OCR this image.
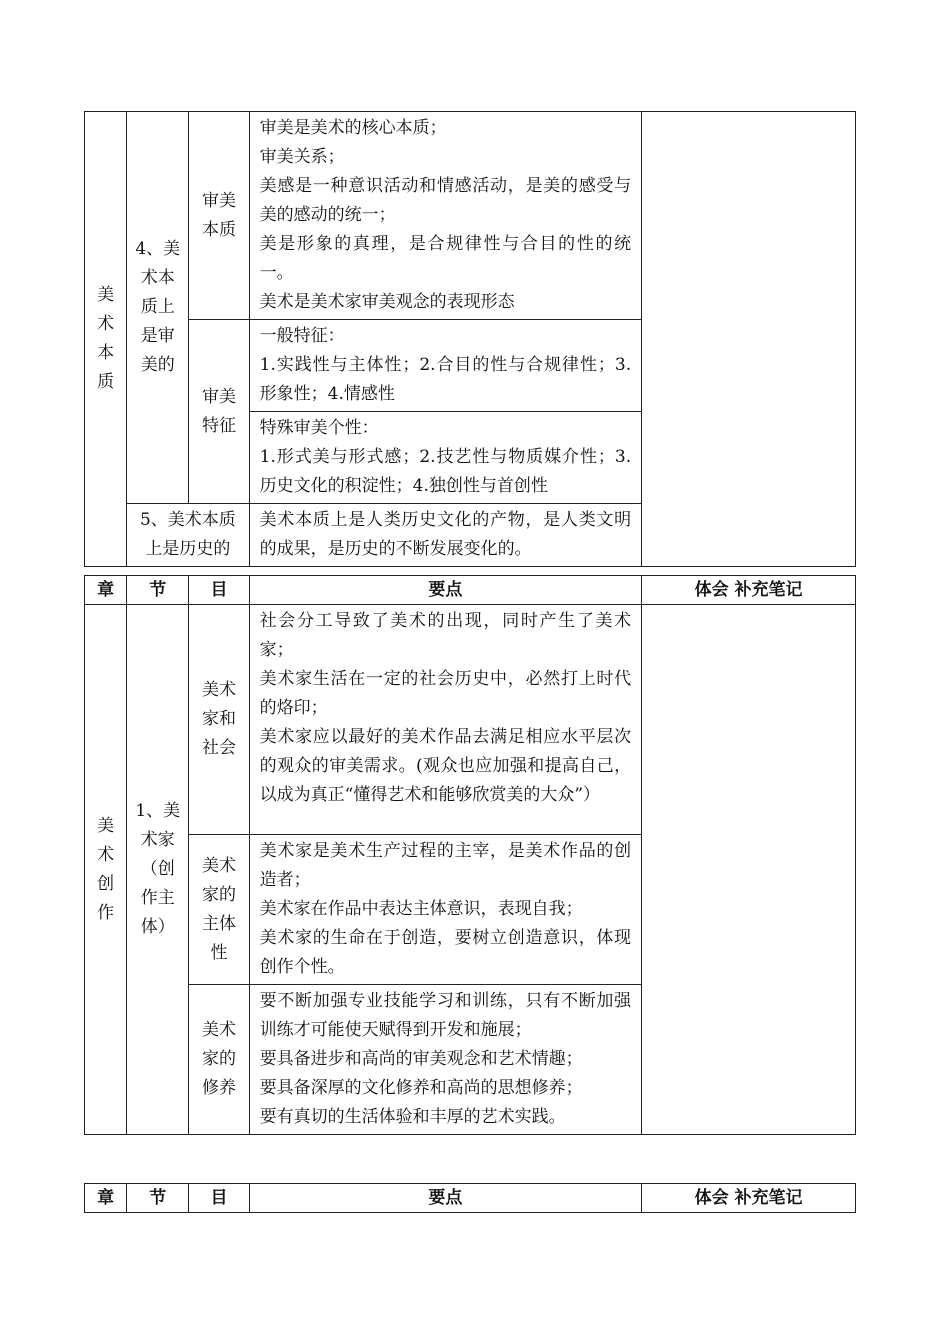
美术本质	4、美术本质上是审美的	审美本质	审美是美术的核心本质；
审美关系；
美感是一种意识活动和情感活动，是美的感受与美的感动的统一；
美是形象的真理，是合规律性与合目的性的统一。
美术是美术家审美观念的表现形态	

		审美特征	一般特征：
1.实践性与主体性；2.合目的性与合规律性；3.形象性；4.情感性	

			特殊审美个性：
1.形式美与形式感；2.技艺性与物质媒介性；3.历史文化的积淀性；4.独创性与首创性	

	5、美术本质上是历史的		美术本质上是人类历史文化的产物，是人类文明的成果，是历史的不断发展变化的。	
章	节	目	要点	体会 补充笔记

美术创作	1、美术家（创作主体）	美术家和社会	社会分工导致了美术的出现，同时产生了美术家；
美术家生活在一定的社会历史中，必然打上时代的烙印；
美术家应以最好的美术作品去满足相应水平层次的观众的审美需求。(观众也应加强和提高自己，以成为真正“懂得艺术和能够欣赏美的大众”）	

		美术家的主体性	美术家是美术生产过程的主宰，是美术作品的创造者；
美术家在作品中表达主体意识，表现自我；
美术家的生命在于创造，要树立创造意识，体现创作个性。	

		美术家的修养	要不断加强专业技能学习和训练，只有不断加强训练才可能使天赋得到开发和施展；
要具备进步和高尚的审美观念和艺术情趣；
要具备深厚的文化修养和高尚的思想修养；
要有真切的生活体验和丰厚的艺术实践。	
章	节	目	要点	体会 补充笔记
